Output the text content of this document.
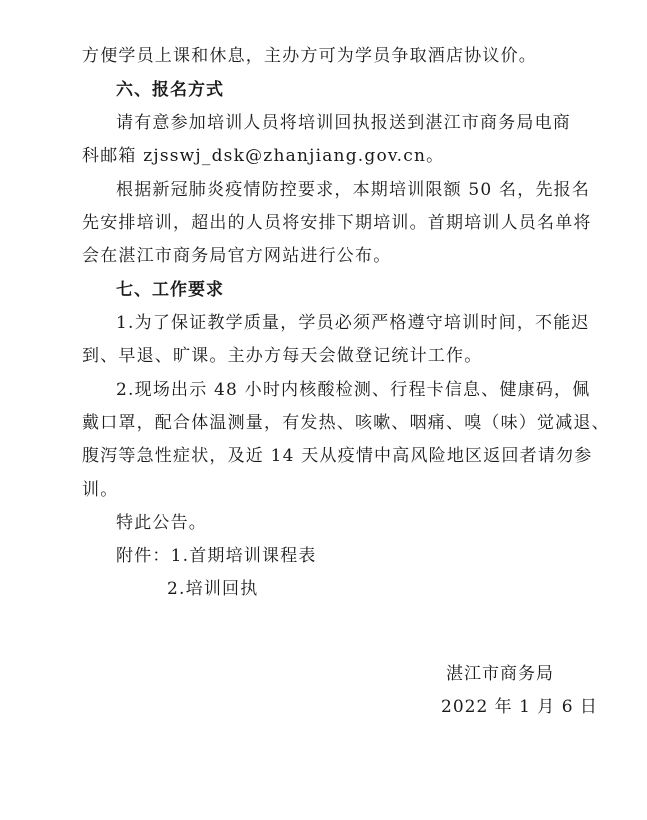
方便学员上课和休息，主办方可为学员争取酒店协议价。
六、报名方式
请有意参加培训人员将培训回执报送到湛江市商务局电商
科邮箱 zjsswj_dsk@zhanjiang.gov.cn。
根据新冠肺炎疫情防控要求，本期培训限额 50 名，先报名
先安排培训，超出的人员将安排下期培训。首期培训人员名单将
会在湛江市商务局官方网站进行公布。
七、工作要求
1.为了保证教学质量，学员必须严格遵守培训时间，不能迟
到、早退、旷课。主办方每天会做登记统计工作。
2.现场出示 48 小时内核酸检测、行程卡信息、健康码，佩
戴口罩，配合体温测量，有发热、咳嗽、咽痛、嗅（味）觉减退、
腹泻等急性症状，及近 14 天从疫情中高风险地区返回者请勿参
训。
特此公告。
附件：1.首期培训课程表
2.培训回执
湛江市商务局
2022 年 1 月 6 日
